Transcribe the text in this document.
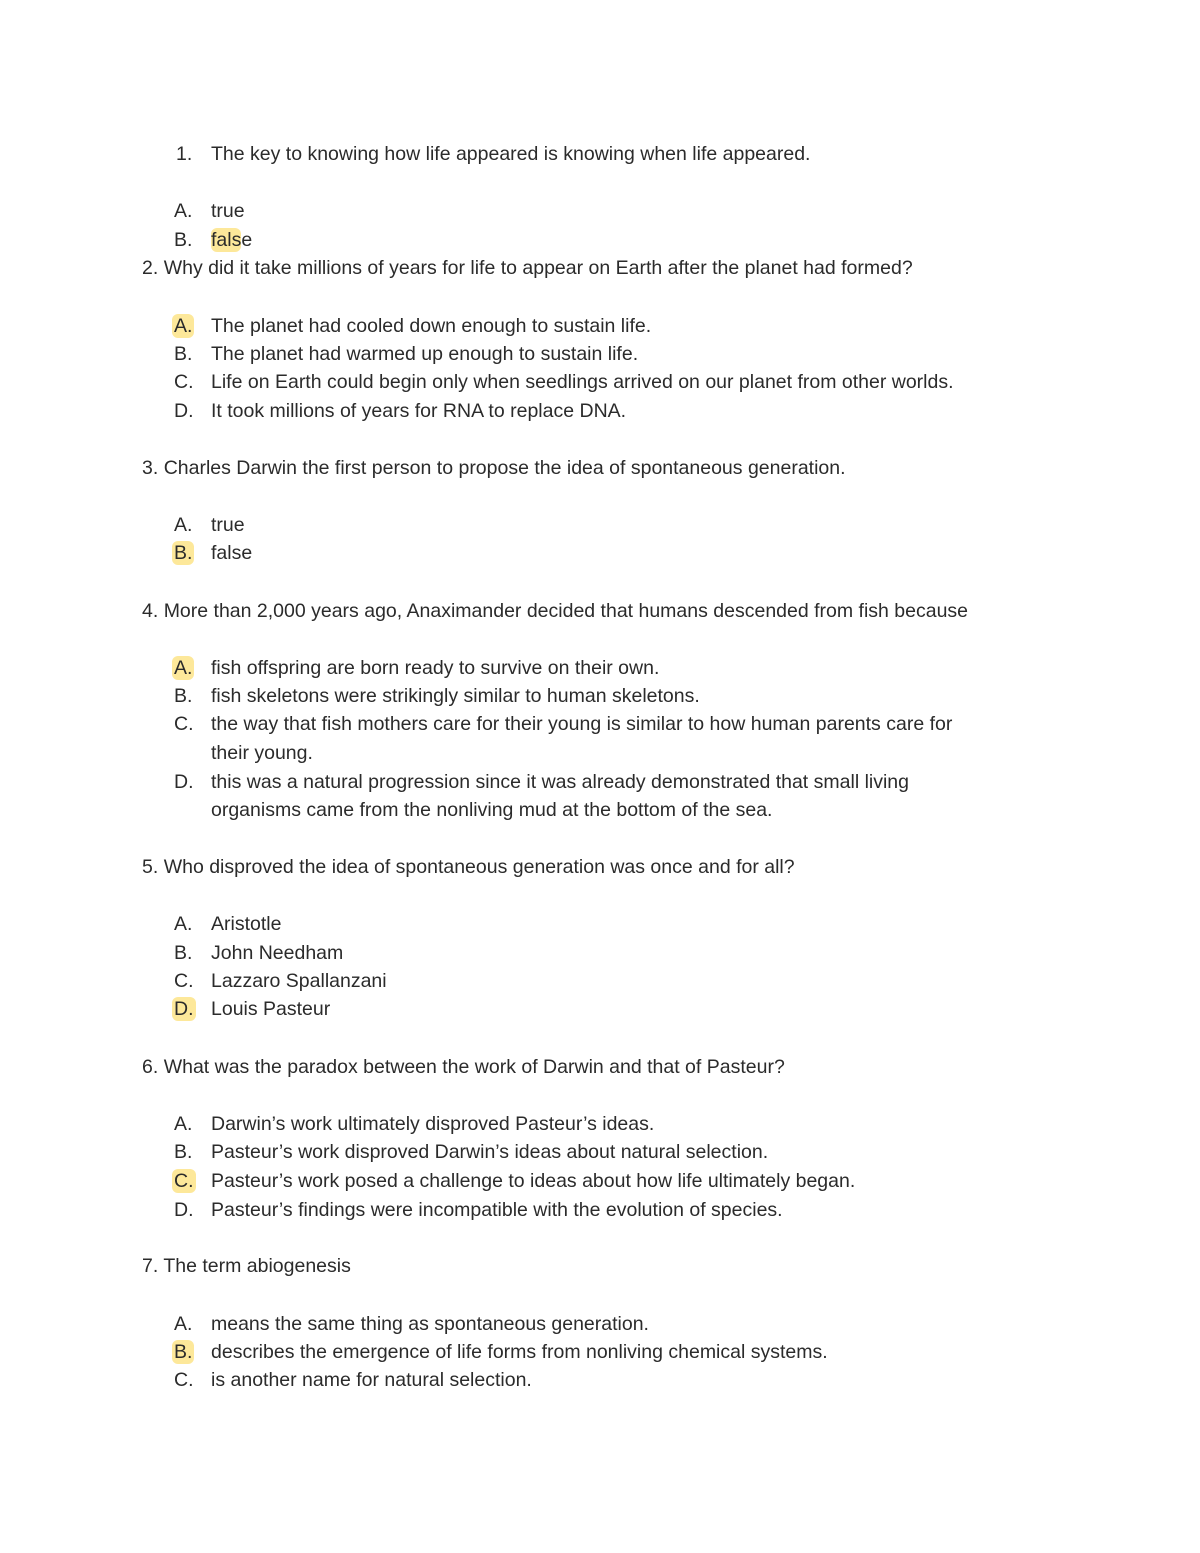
1. The key to knowing how life appeared is knowing when life appeared.
A. true
B. false
2. Why did it take millions of years for life to appear on Earth after the planet had formed?
A. The planet had cooled down enough to sustain life.
B. The planet had warmed up enough to sustain life.
C. Life on Earth could begin only when seedlings arrived on our planet from other worlds.
D. It took millions of years for RNA to replace DNA.
3. Charles Darwin the first person to propose the idea of spontaneous generation.
A. true
B. false
4. More than 2,000 years ago, Anaximander decided that humans descended from fish because
A. fish offspring are born ready to survive on their own.
B. fish skeletons were strikingly similar to human skeletons.
C. the way that fish mothers care for their young is similar to how human parents care for
their young.
D. this was a natural progression since it was already demonstrated that small living
organisms came from the nonliving mud at the bottom of the sea.
5. Who disproved the idea of spontaneous generation was once and for all?
A. Aristotle
B. John Needham
C. Lazzaro Spallanzani
D. Louis Pasteur
6. What was the paradox between the work of Darwin and that of Pasteur?
A. Darwin’s work ultimately disproved Pasteur’s ideas.
B. Pasteur’s work disproved Darwin’s ideas about natural selection.
C. Pasteur’s work posed a challenge to ideas about how life ultimately began.
D. Pasteur’s findings were incompatible with the evolution of species.
7. The term abiogenesis
A. means the same thing as spontaneous generation.
B. describes the emergence of life forms from nonliving chemical systems.
C. is another name for natural selection.
